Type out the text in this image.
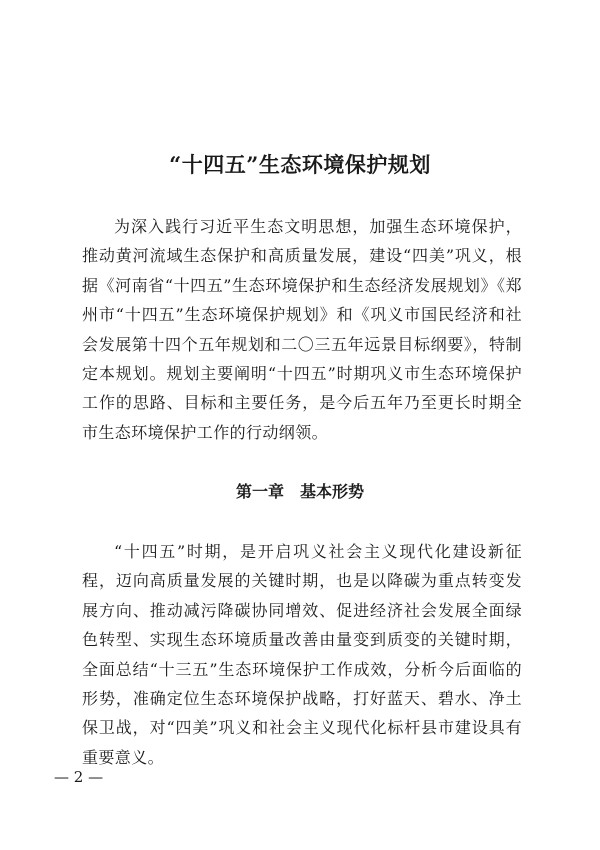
“十四五”生态环境保护规划

为深入践行习近平生态文明思想，加强生态环境保护，推动黄河流域生态保护和高质量发展，建设“四美”巩义，根据《河南省“十四五”生态环境保护和生态经济发展规划》《郑州市“十四五”生态环境保护规划》和《巩义市国民经济和社会发展第十四个五年规划和二〇三五年远景目标纲要》，特制定本规划。规划主要阐明“十四五”时期巩义市生态环境保护工作的思路、目标和主要任务，是今后五年乃至更长时期全市生态环境保护工作的行动纲领。

第一章　基本形势

“十四五”时期，是开启巩义社会主义现代化建设新征程，迈向高质量发展的关键时期，也是以降碳为重点转变发展方向、推动减污降碳协同增效、促进经济社会发展全面绿色转型、实现生态环境质量改善由量变到质变的关键时期，全面总结“十三五”生态环境保护工作成效，分析今后面临的形势，准确定位生态环境保护战略，打好蓝天、碧水、净土保卫战，对“四美”巩义和社会主义现代化标杆县市建设具有重要意义。

— 2 —
